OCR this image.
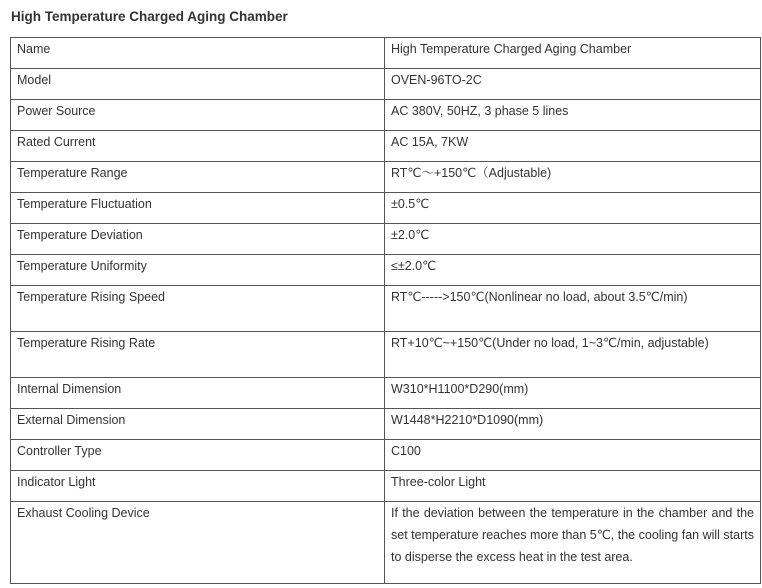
High Temperature Charged Aging Chamber
Name	High Temperature Charged Aging Chamber
Model	OVEN-96TO-2C
Power Source	AC 380V, 50HZ, 3 phase 5 lines
Rated Current	AC 15A, 7KW
Temperature Range	RT℃～+150℃（Adjustable)
Temperature Fluctuation	±0.5℃
Temperature Deviation	±2.0℃
Temperature Uniformity	≤±2.0℃
Temperature Rising Speed	RT℃----->150℃(Nonlinear no load, about 3.5℃/min)
Temperature Rising Rate	RT+10℃~+150℃(Under no load, 1~3℃/min, adjustable)
Internal Dimension	W310*H1100*D290(mm)
External Dimension	W1448*H2210*D1090(mm)
Controller Type	C100
Indicator Light	Three-color Light
Exhaust Cooling Device	If the deviation between the temperature in the chamber and the set temperature reaches more than 5℃, the cooling fan will starts to disperse the excess heat in the test area.
